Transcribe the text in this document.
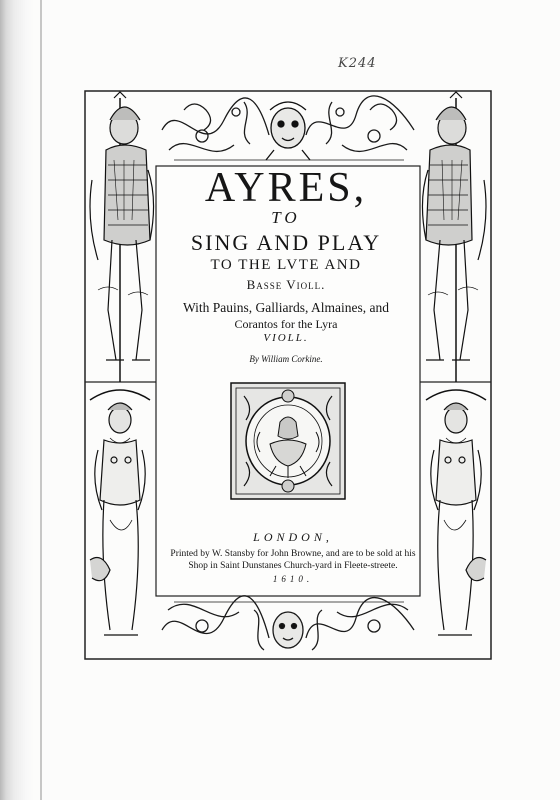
K244
AYRES,
TO
SING AND PLAY
TO THE LVTE AND
Basse Violl.
With Pauins, Galliards, Almaines, and
Corantos for the Lyra
VIOLL.
By William Corkine.
LONDON,
Printed by W. Stansby for John Browne, and are to be sold at his
Shop in Saint Dunstanes Church-yard in Fleete-streete.
1610.
